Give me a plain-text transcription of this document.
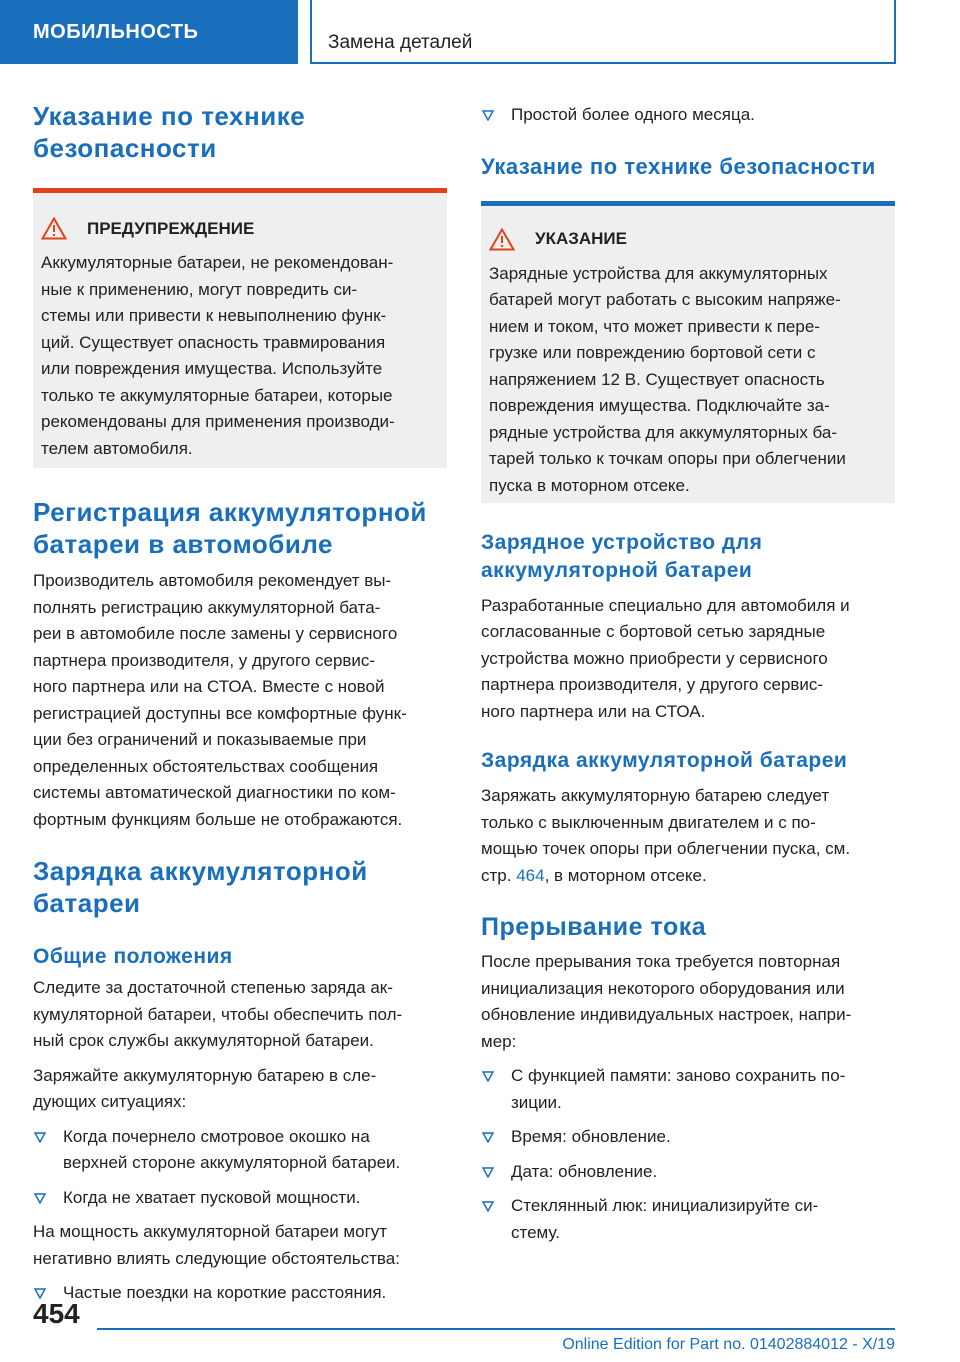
МОБИЛЬНОСТЬ	Замена деталей
Указание по технике безопасности
ПРЕДУПРЕЖДЕНИЕ
Аккумуляторные батареи, не рекомендован-
ные к применению, могут повредить си-
стемы или привести к невыполнению функ-
ций. Существует опасность травмирования
или повреждения имущества. Используйте
только те аккумуляторные батареи, которые
рекомендованы для применения производи-
телем автомобиля.
Регистрация аккумуляторной батареи в автомобиле
Производитель автомобиля рекомендует вы-
полнять регистрацию аккумуляторной бата-
реи в автомобиле после замены у сервисного
партнера производителя, у другого сервис-
ного партнера или на СТОА. Вместе с новой
регистрацией доступны все комфортные функ-
ции без ограничений и показываемые при
определенных обстоятельствах сообщения
системы автоматической диагностики по ком-
фортным функциям больше не отображаются.
Зарядка аккумуляторной батареи
Общие положения
Следите за достаточной степенью заряда ак-
кумуляторной батареи, чтобы обеспечить пол-
ный срок службы аккумуляторной батареи.
Заряжайте аккумуляторную батарею в сле-
дующих ситуациях:
Когда почернело смотровое окошко на
верхней стороне аккумуляторной батареи.
Когда не хватает пусковой мощности.
На мощность аккумуляторной батареи могут
негативно влиять следующие обстоятельства:
Частые поездки на короткие расстояния.
Простой более одного месяца.
Указание по технике безопасности
УКАЗАНИЕ
Зарядные устройства для аккумуляторных
батарей могут работать с высоким напряже-
нием и током, что может привести к пере-
грузке или повреждению бортовой сети с
напряжением 12 В. Существует опасность
повреждения имущества. Подключайте за-
рядные устройства для аккумуляторных ба-
тарей только к точкам опоры при облегчении
пуска в моторном отсеке.
Зарядное устройство для аккумуляторной батареи
Разработанные специально для автомобиля и
согласованные с бортовой сетью зарядные
устройства можно приобрести у сервисного
партнера производителя, у другого сервис-
ного партнера или на СТОА.
Зарядка аккумуляторной батареи
Заряжать аккумуляторную батарею следует
только с выключенным двигателем и с по-
мощью точек опоры при облегчении пуска, см.
стр. 464, в моторном отсеке.
Прерывание тока
После прерывания тока требуется повторная
инициализация некоторого оборудования или
обновление индивидуальных настроек, напри-
мер:
С функцией памяти: заново сохранить по-
зиции.
Время: обновление.
Дата: обновление.
Стеклянный люк: инициализируйте си-
стему.
454
Online Edition for Part no. 01402884012 - X/19
